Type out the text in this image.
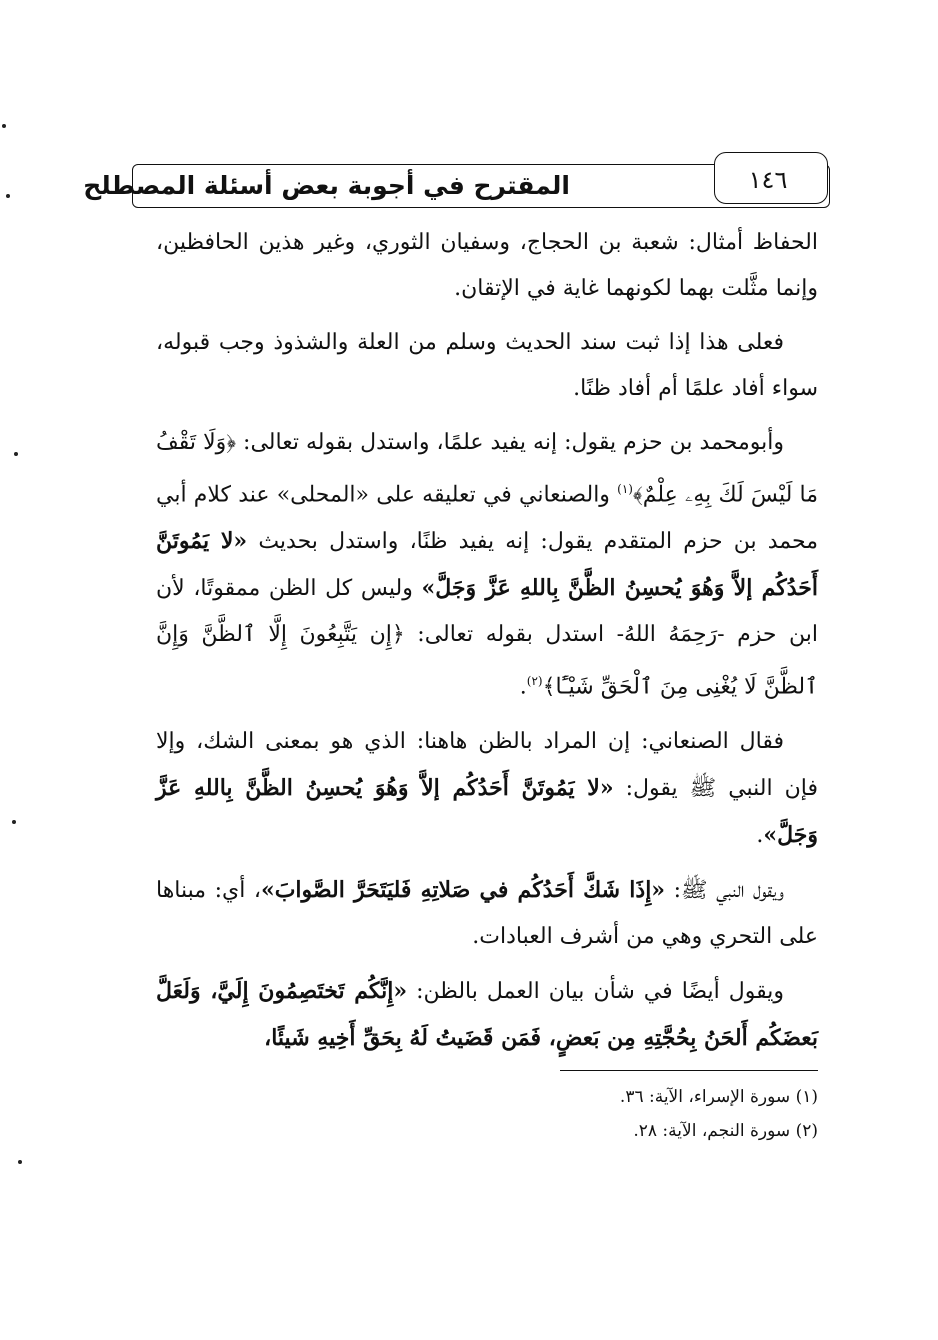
المقترح في أجوبة بعض أسئلة المصطلح	١٤٦

الحفاظ أمثال: شعبة بن الحجاج، وسفيان الثوري، وغير هذين الحافظين، وإنما مثَّلت بهما لكونهما غاية في الإتقان.

فعلى هذا إذا ثبت سند الحديث وسلم من العلة والشذوذ وجب قبوله، سواء أفاد علمًا أم أفاد ظنًا.

وأبومحمد بن حزم يقول: إنه يفيد علمًا، واستدل بقوله تعالى: ﴿وَلَا تَقْفُ مَا لَيْسَ لَكَ بِهِۦ عِلْمٌ﴾$^{(١)}$ والصنعاني في تعليقه على «المحلى» عند كلام أبي محمد بن حزم المتقدم يقول: إنه يفيد ظنًا، واستدل بحديث «لا يَمُوتَنَّ أَحَدُكُم إلاَّ وَهُوَ يُحسِنُ الظَّنَّ بِاللهِ عَزَّ وَجَلَّ» وليس كل الظن ممقوتًا، لأن ابن حزم -رَحِمَهُ اللهُ- استدل بقوله تعالى: ﴿إِن يَتَّبِعُونَ إِلَّا ٱلظَّنَّ وَإِنَّ ٱلظَّنَّ لَا يُغْنِى مِنَ ٱلْحَقِّ شَيْـًٔا﴾$^{(٢)}$.

فقال الصنعاني: إن المراد بالظن هاهنا: الذي هو بمعنى الشك، وإلا فإن النبي ﷺ يقول: «لا يَمُوتَنَّ أَحَدُكُم إلاَّ وَهُوَ يُحسِنُ الظَّنَّ بِاللهِ عَزَّ وَجَلَّ».

ويقول النبي ﷺ: «إِذَا شَكَّ أَحَدُكُم في صَلاتِهِ فَليَتَحَرَّ الصَّوابَ»، أي: مبناها على التحري وهي من أشرف العبادات.

ويقول أيضًا في شأن بيان العمل بالظن: «إِنَّكُم تَختَصِمُونَ إِلَيَّ، وَلَعَلَّ بَعضَكُم أَلحَنُ بِحُجَّتِهِ مِن بَعضٍ، فَمَن قَضَيتُ لَهُ بِحَقِّ أَخِيهِ شَيئًا،

(١) سورة الإسراء، الآية: ٣٦.
(٢) سورة النجم، الآية: ٢٨.
